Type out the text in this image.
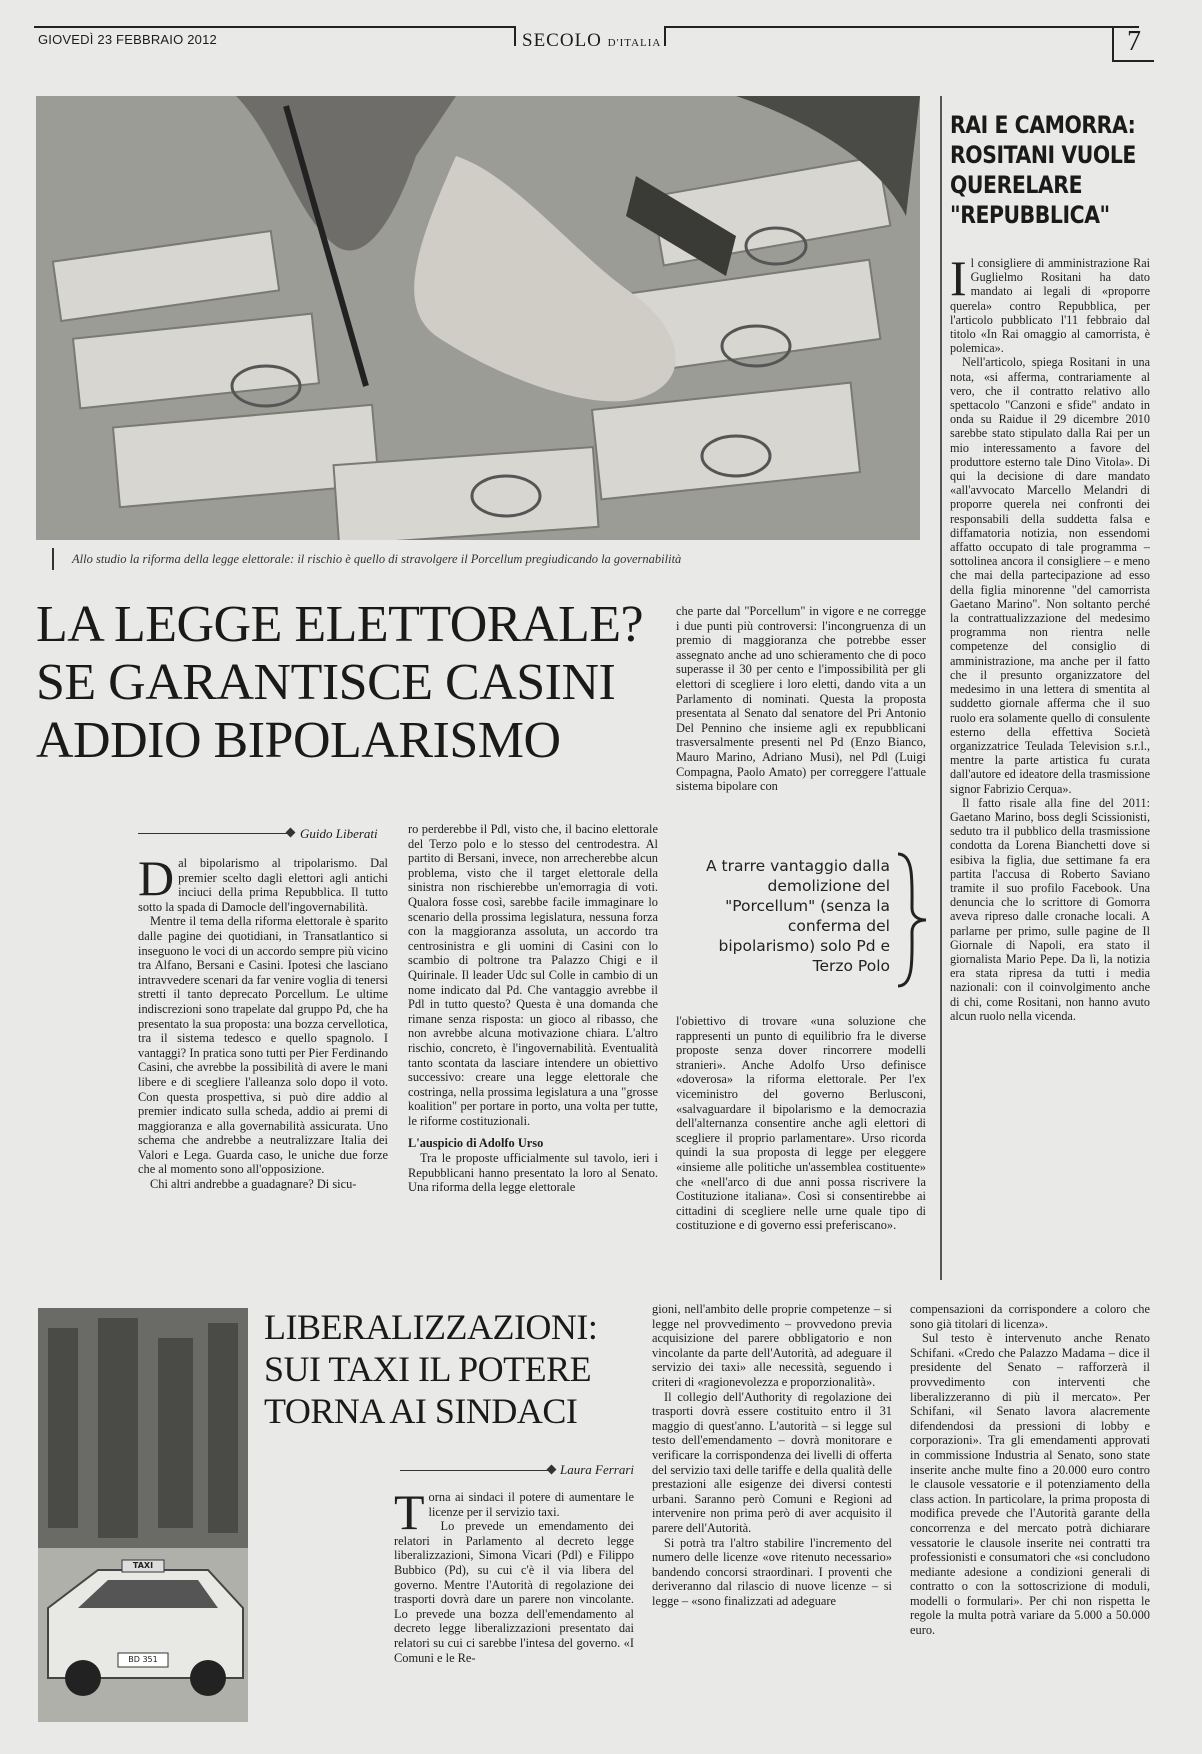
GIOVEDÌ 23 FEBBRAIO 2012	SECOLO D'ITALIA	7
Allo studio la riforma della legge elettorale: il rischio è quello di stravolgere il Porcellum pregiudicando la governabilità
LA LEGGE ELETTORALE?
SE GARANTISCE CASINI
ADDIO BIPOLARISMO
Guido Liberati

Dal bipolarismo al tripolarismo. Dal premier scelto dagli elettori agli antichi inciuci della prima Repubblica. Il tutto sotto la spada di Damocle dell'ingovernabilità.

Mentre il tema della riforma elettorale è sparito dalle pagine dei quotidiani, in Transatlantico si inseguono le voci di un accordo sempre più vicino tra Alfano, Bersani e Casini. Ipotesi che lasciano intravvedere scenari da far venire voglia di tenersi stretti il tanto deprecato Porcellum. Le ultime indiscrezioni sono trapelate dal gruppo Pd, che ha presentato la sua proposta: una bozza cervellotica, tra il sistema tedesco e quello spagnolo. I vantaggi? In pratica sono tutti per Pier Ferdinando Casini, che avrebbe la possibilità di avere le mani libere e di scegliere l'alleanza solo dopo il voto. Con questa prospettiva, si può dire addio al premier indicato sulla scheda, addio ai premi di maggioranza e alla governabilità assicurata. Uno schema che andrebbe a neutralizzare Italia dei Valori e Lega. Guarda caso, le uniche due forze che al momento sono all'opposizione.

Chi altri andrebbe a guadagnare? Di sicu-

ro perderebbe il Pdl, visto che, il bacino elettorale del Terzo polo e lo stesso del centrodestra. Al partito di Bersani, invece, non arrecherebbe alcun problema, visto che il target elettorale della sinistra non rischierebbe un'emorragia di voti. Qualora fosse così, sarebbe facile immaginare lo scenario della prossima legislatura, nessuna forza con la maggioranza assoluta, un accordo tra centrosinistra e gli uomini di Casini con lo scambio di poltrone tra Palazzo Chigi e il Quirinale. Il leader Udc sul Colle in cambio di un nome indicato dal Pd. Che vantaggio avrebbe il Pdl in tutto questo? Questa è una domanda che rimane senza risposta: un gioco al ribasso, che non avrebbe alcuna motivazione chiara. L'altro rischio, concreto, è l'ingovernabilità. Eventualità tanto scontata da lasciare intendere un obiettivo successivo: creare una legge elettorale che costringa, nella prossima legislatura a una "grosse koalition" per portare in porto, una volta per tutte, le riforme costituzionali.

L'auspicio di Adolfo Urso

Tra le proposte ufficialmente sul tavolo, ieri i Repubblicani hanno presentato la loro al Senato. Una riforma della legge elettorale

che parte dal "Porcellum" in vigore e ne corregge i due punti più controversi: l'incongruenza di un premio di maggioranza che potrebbe esser assegnato anche ad uno schieramento che di poco superasse il 30 per cento e l'impossibilità per gli elettori di scegliere i loro eletti, dando vita a un Parlamento di nominati. Questa la proposta presentata al Senato dal senatore del Pri Antonio Del Pennino che insieme agli ex repubblicani trasversalmente presenti nel Pd (Enzo Bianco, Mauro Marino, Adriano Musi), nel Pdl (Luigi Compagna, Paolo Amato) per correggere l'attuale sistema bipolare con

A trarre vantaggio dalla demolizione del "Porcellum" (senza la conferma del bipolarismo) solo Pd e Terzo Polo

l'obiettivo di trovare «una soluzione che rappresenti un punto di equilibrio fra le diverse proposte senza dover rincorrere modelli stranieri». Anche Adolfo Urso definisce «doverosa» la riforma elettorale. Per l'ex viceministro del governo Berlusconi, «salvaguardare il bipolarismo e la democrazia dell'alternanza consentire anche agli elettori di scegliere il proprio parlamentare». Urso ricorda quindi la sua proposta di legge per eleggere «insieme alle politiche un'assemblea costituente» che «nell'arco di due anni possa riscrivere la Costituzione italiana». Così si consentirebbe ai cittadini di scegliere nelle urne quale tipo di costituzione e di governo essi preferiscano».

RAI E CAMORRA:
ROSITANI VUOLE
QUERELARE
"REPUBBLICA"

Il consigliere di amministrazione Rai Guglielmo Rositani ha dato mandato ai legali di «proporre querela» contro Repubblica, per l'articolo pubblicato l'11 febbraio dal titolo «In Rai omaggio al camorrista, è polemica».

Nell'articolo, spiega Rositani in una nota, «si afferma, contrariamente al vero, che il contratto relativo allo spettacolo "Canzoni e sfide" andato in onda su Raidue il 29 dicembre 2010 sarebbe stato stipulato dalla Rai per un mio interessamento a favore del produttore esterno tale Dino Vitola». Di qui la decisione di dare mandato «all'avvocato Marcello Melandri di proporre querela nei confronti dei responsabili della suddetta falsa e diffamatoria notizia, non essendomi affatto occupato di tale programma – sottolinea ancora il consigliere – e meno che mai della partecipazione ad esso della figlia minorenne "del camorrista Gaetano Marino". Non soltanto perché la contrattualizzazione del medesimo programma non rientra nelle competenze del consiglio di amministrazione, ma anche per il fatto che il presunto organizzatore del medesimo in una lettera di smentita al suddetto giornale afferma che il suo ruolo era solamente quello di consulente esterno della effettiva Società organizzatrice Teulada Television s.r.l., mentre la parte artistica fu curata dall'autore ed ideatore della trasmissione signor Fabrizio Cerqua».

Il fatto risale alla fine del 2011: Gaetano Marino, boss degli Scissionisti, seduto tra il pubblico della trasmissione condotta da Lorena Bianchetti dove si esibiva la figlia, due settimane fa era partita l'accusa di Roberto Saviano tramite il suo profilo Facebook. Una denuncia che lo scrittore di Gomorra aveva ripreso dalle cronache locali. A parlarne per primo, sulle pagine de Il Giornale di Napoli, era stato il giornalista Mario Pepe. Da lì, la notizia era stata ripresa da tutti i media nazionali: con il coinvolgimento anche di chi, come Rositani, non hanno avuto alcun ruolo nella vicenda.

TAXI
BD 351
LIBERALIZZAZIONI:
SUI TAXI IL POTERE
TORNA AI SINDACI
Laura Ferrari

Torna ai sindaci il potere di aumentare le licenze per il servizio taxi.

Lo prevede un emendamento dei relatori in Parlamento al decreto legge liberalizzazioni, Simona Vicari (Pdl) e Filippo Bubbico (Pd), su cui c'è il via libera del governo. Mentre l'Autorità di regolazione dei trasporti dovrà dare un parere non vincolante. Lo prevede una bozza dell'emendamento al decreto legge liberalizzazioni presentato dai relatori su cui ci sarebbe l'intesa del governo. «I Comuni e le Re-

gioni, nell'ambito delle proprie competenze – si legge nel provvedimento – provvedono previa acquisizione del parere obbligatorio e non vincolante da parte dell'Autorità, ad adeguare il servizio dei taxi» alle necessità, seguendo i criteri di «ragionevolezza e proporzionalità».

Il collegio dell'Authority di regolazione dei trasporti dovrà essere costituito entro il 31 maggio di quest'anno. L'autorità – si legge sul testo dell'emendamento – dovrà monitorare e verificare la corrispondenza dei livelli di offerta del servizio taxi delle tariffe e della qualità delle prestazioni alle esigenze dei diversi contesti urbani. Saranno però Comuni e Regioni ad intervenire non prima però di aver acquisito il parere dell'Autorità.

Si potrà tra l'altro stabilire l'incremento del numero delle licenze «ove ritenuto necessario» bandendo concorsi straordinari. I proventi che deriveranno dal rilascio di nuove licenze – si legge – «sono finalizzati ad adeguare

compensazioni da corrispondere a coloro che sono già titolari di licenza».

Sul testo è intervenuto anche Renato Schifani. «Credo che Palazzo Madama – dice il presidente del Senato – rafforzerà il provvedimento con interventi che liberalizzeranno di più il mercato». Per Schifani, «il Senato lavora alacremente difendendosi da pressioni di lobby e corporazioni». Tra gli emendamenti approvati in commissione Industria al Senato, sono state inserite anche multe fino a 20.000 euro contro le clausole vessatorie e il potenziamento della class action. In particolare, la prima proposta di modifica prevede che l'Autorità garante della concorrenza e del mercato potrà dichiarare vessatorie le clausole inserite nei contratti tra professionisti e consumatori che «si concludono mediante adesione a condizioni generali di contratto o con la sottoscrizione di moduli, modelli o formulari». Per chi non rispetta le regole la multa potrà variare da 5.000 a 50.000 euro.
